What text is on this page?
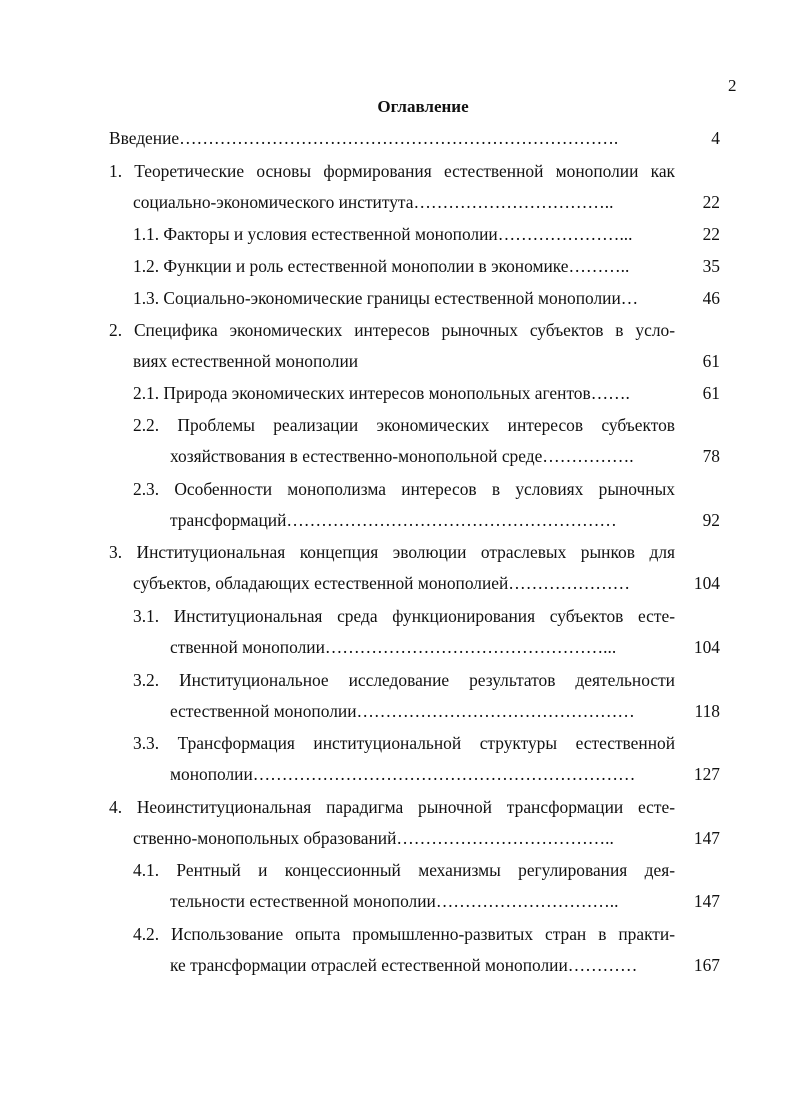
2
Оглавление
Введение………………………………………………………………….	4
1. Теоретические основы формирования естественной монополии как
социально-экономического института……………………………..	22
1.1. Факторы и условия естественной монополии…………………...	22
1.2. Функции и роль естественной монополии в экономике………..	35
1.3. Социально-экономические границы естественной монополии…	46
2. Специфика экономических интересов рыночных субъектов в усло-
виях естественной монополии	61
2.1. Природа экономических интересов монопольных агентов…….	61
2.2. Проблемы реализации экономических интересов субъектов
хозяйствования в естественно-монопольной среде…………….	78
2.3. Особенности монополизма интересов в условиях рыночных
трансформаций…………………………………………………	92
3. Институциональная концепция эволюции отраслевых рынков для
субъектов, обладающих естественной монополией…………………	104
3.1. Институциональная среда функционирования субъектов есте-
ственной монополии…………………………………………...	104
3.2. Институциональное исследование результатов деятельности
естественной монополии…………………………………………	118
3.3. Трансформация институциональной структуры естественной
монополии…………………………………………………………	127
4. Неоинституциональная парадигма рыночной трансформации есте-
ственно-монопольных образований………………………………..	147
4.1. Рентный и концессионный механизмы регулирования дея-
тельности естественной монополии…………………………..	147
4.2. Использование опыта промышленно-развитых стран в практи-
ке трансформации отраслей естественной монополии…………	167
